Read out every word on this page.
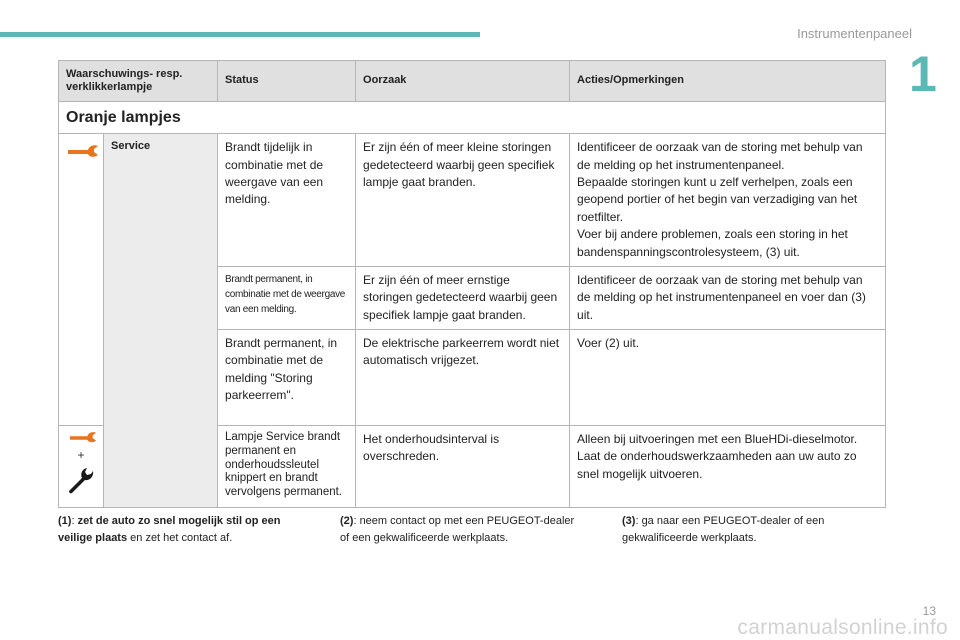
Instrumentenpaneel
1
Waarschuwings- resp. verklikkerlampje		Status	Oorzaak	Acties/Opmerkingen
Oranje lampjes				

	Service	Brandt tijdelijk in combinatie met de weergave van een melding.	Er zijn één of meer kleine storingen gedetecteerd waarbij geen specifiek lampje gaat branden.	Identificeer de oorzaak van de storing met behulp van de melding op het instrumentenpaneel.
Bepaalde storingen kunt u zelf verhelpen, zoals een geopend portier of het begin van verzadiging van het roetfilter.
Voer bij andere problemen, zoals een storing in het bandenspanningscontrolesysteem, (3) uit.

		Brandt permanent, in combinatie met de weergave van een melding.	Er zijn één of meer ernstige storingen gedetecteerd waarbij geen specifiek lampje gaat branden.	Identificeer de oorzaak van de storing met behulp van de melding op het instrumentenpaneel en voer dan (3) uit.
		Brandt permanent, in combinatie met de melding "Storing parkeerrem".	De elektrische parkeerrem wordt niet automatisch vrijgezet.	Voer (2) uit.

+		Lampje Service brandt permanent en onderhoudssleutel knippert en brandt vervolgens permanent.	Het onderhoudsinterval is overschreden.	Alleen bij uitvoeringen met een BlueHDi-dieselmotor.
Laat de onderhoudswerkzaamheden aan uw auto zo snel mogelijk uitvoeren.
(1): zet de auto zo snel mogelijk stil op een veilige plaats en zet het contact af.
(2): neem contact op met een PEUGEOT-dealer of een gekwalificeerde werkplaats.
(3): ga naar een PEUGEOT-dealer of een gekwalificeerde werkplaats.
carmanualsonline.info
13
